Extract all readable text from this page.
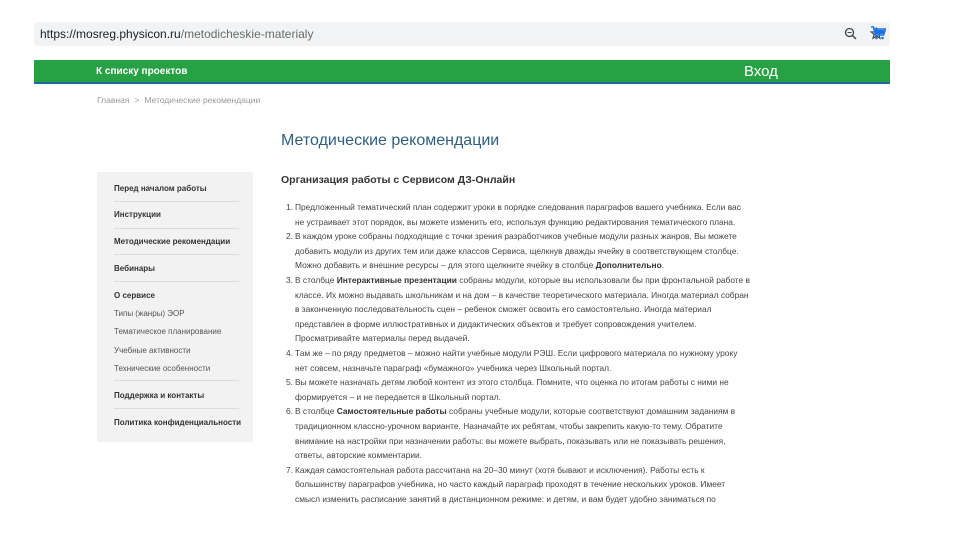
https://mosreg.physicon.ru/metodicheskie-materialy
К списку проектов	Вход
Главная > Методические рекомендации
Методические рекомендации
Перед началом работы
Инструкции
Методические рекомендации
Вебинары
О сервисе
Типы (жанры) ЭОР
Тематическое планирование
Учебные активности
Технические особенности
Поддержка и контакты
Политика конфиденциальности
Организация работы с Сервисом ДЗ-Онлайн
1. Предложенный тематический план содержит уроки в порядке следования параграфов вашего учебника. Если вас не устраивает этот порядок, вы можете изменить его, используя функцию редактирования тематического плана.
2. В каждом уроке собраны подходящие с точки зрения разработчиков учебные модули разных жанров. Вы можете добавить модули из других тем или даже классов Сервиса, щелкнув дважды ячейку в соответствующем столбце. Можно добавить и внешние ресурсы – для этого щелкните ячейку в столбце Дополнительно.
3. В столбце Интерактивные презентации собраны модули, которые вы использовали бы при фронтальной работе в классе. Их можно выдавать школьникам и на дом – в качестве теоретического материала. Иногда материал собран в законченную последовательность сцен – ребенок сможет освоить его самостоятельно. Иногда материал представлен в форме иллюстративных и дидактических объектов и требует сопровождения учителем. Просматривайте материалы перед выдачей.
4. Там же – по ряду предметов – можно найти учебные модули РЭШ. Если цифрового материала по нужному уроку нет совсем, назначьте параграф «бумажного» учебника через Школьный портал.
5. Вы можете назначать детям любой контент из этого столбца. Помните, что оценка по итогам работы с ними не формируется – и не передается в Школьный портал.
6. В столбце Самостоятельные работы собраны учебные модули, которые соответствуют домашним заданиям в традиционном классно-урочном варианте. Назначайте их ребятам, чтобы закрепить какую-то тему. Обратите внимание на настройки при назначении работы: вы можете выбрать, показывать или не показывать решения, ответы, авторские комментарии.
7. Каждая самостоятельная работа рассчитана на 20–30 минут (хотя бывают и исключения). Работы есть к большинству параграфов учебника, но часто каждый параграф проходят в течение нескольких уроков. Имеет смысл изменить расписание занятий в дистанционном режиме: и детям, и вам будет удобно заниматься по
